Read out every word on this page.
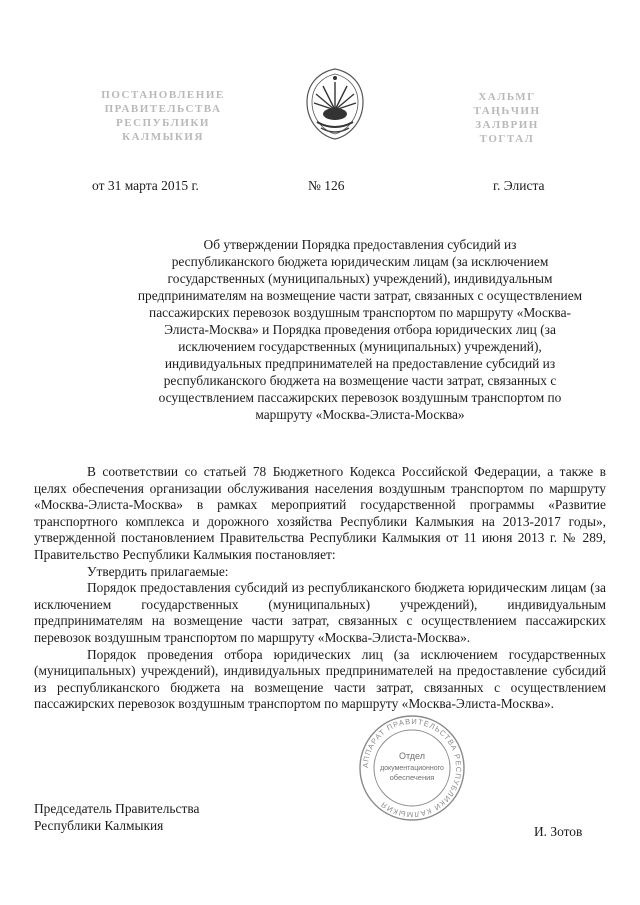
ПОСТАНОВЛЕНИЕ
ПРАВИТЕЛЬСТВА
РЕСПУБЛИКИ
КАЛМЫКИЯ
ХАЛЬМГ
ТАҢҺЧИН
ЗАЛВРИН
ТОГТАЛ
от 31 марта 2015 г.	№ 126	г. Элиста
Об утверждении Порядка предоставления субсидий из
республиканского бюджета юридическим лицам (за исключением
государственных (муниципальных) учреждений), индивидуальным
предпринимателям на возмещение части затрат, связанных с осуществлением
пассажирских перевозок воздушным транспортом по маршруту «Москва-
Элиста-Москва» и Порядка проведения отбора юридических лиц (за
исключением государственных (муниципальных) учреждений),
индивидуальных предпринимателей на предоставление субсидий из
республиканского бюджета на возмещение части затрат, связанных с
осуществлением пассажирских перевозок воздушным транспортом по
маршруту «Москва-Элиста-Москва»

В соответствии со статьей 78 Бюджетного Кодекса Российской Федерации, а также в целях обеспечения организации обслуживания населения воздушным транспортом по маршруту «Москва-Элиста-Москва» в рамках мероприятий государственной программы «Развитие транспортного комплекса и дорожного хозяйства Республики Калмыкия на 2013-2017 годы», утвержденной постановлением Правительства Республики Калмыкия от 11 июня 2013 г. № 289, Правительство Республики Калмыкия постановляет:

Утвердить прилагаемые:

Порядок предоставления субсидий из республиканского бюджета юридическим лицам (за исключением государственных (муниципальных) учреждений), индивидуальным предпринимателям на возмещение части затрат, связанных с осуществлением пассажирских перевозок воздушным транспортом по маршруту «Москва-Элиста-Москва».

Порядок проведения отбора юридических лиц (за исключением государственных (муниципальных) учреждений), индивидуальных предпринимателей на предоставление субсидий из республиканского бюджета на возмещение части затрат, связанных с осуществлением пассажирских перевозок воздушным транспортом по маршруту «Москва-Элиста-Москва».

АППАРАТ ПРАВИТЕЛЬСТВА РЕСПУБЛИКИ КАЛМЫКИЯ
Отдел
документационного
обеспечения
Председатель Правительства
Республики Калмыкия	И. Зотов
